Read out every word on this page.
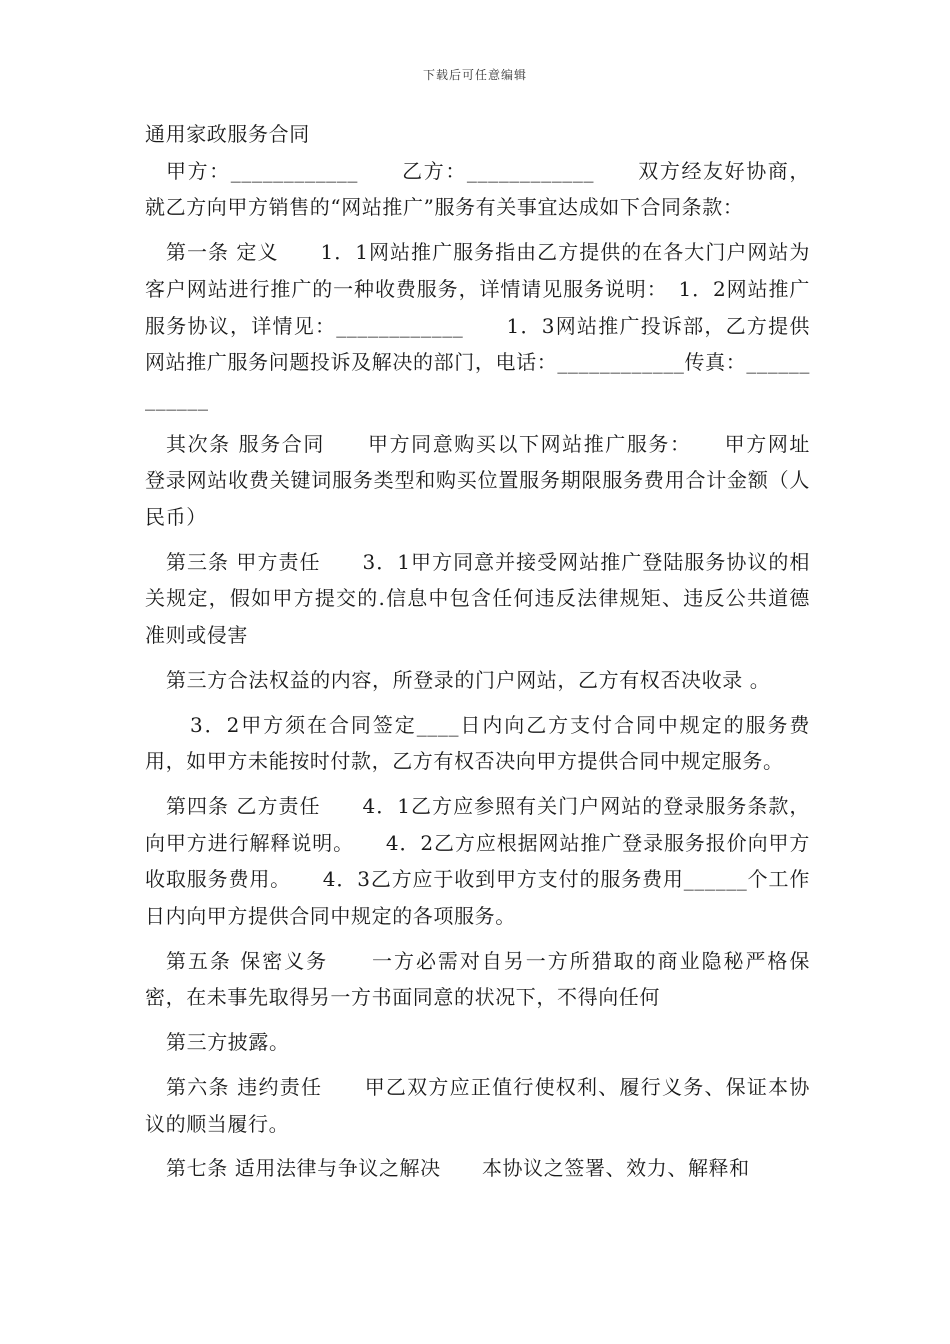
下载后可任意编辑

通用家政服务合同

甲方：____________　　乙方：____________　　双方经友好协商，就乙方向甲方销售的“网站推广”服务有关事宜达成如下合同条款：

第一条 定义　　1．1网站推广服务指由乙方提供的在各大门户网站为客户网站进行推广的一种收费服务，详情请见服务说明：　1．2网站推广服务协议，详情见：____________　　1．3网站推广投诉部，乙方提供网站推广服务问题投诉及解决的部门，电话：____________传真：____________

其次条 服务合同　　甲方同意购买以下网站推广服务：　　甲方网址　　登录网站收费关键词服务类型和购买位置服务期限服务费用合计金额（人民币）

第三条 甲方责任　　3．1甲方同意并接受网站推广登陆服务协议的相关规定，假如甲方提交的.信息中包含任何违反法律规矩、违反公共道德准则或侵害

第三方合法权益的内容，所登录的门户网站，乙方有权否决收录 。

3．2甲方须在合同签定____日内向乙方支付合同中规定的服务费用，如甲方未能按时付款，乙方有权否决向甲方提供合同中规定服务。

第四条 乙方责任　　4．1乙方应参照有关门户网站的登录服务条款，向甲方进行解释说明。　　4．2乙方应根据网站推广登录服务报价向甲方收取服务费用。　　4．3乙方应于收到甲方支付的服务费用______个工作日内向甲方提供合同中规定的各项服务。

第五条 保密义务　　一方必需对自另一方所猎取的商业隐秘严格保密，在未事先取得另一方书面同意的状况下，不得向任何

第三方披露。

第六条 违约责任　　甲乙双方应正值行使权利、履行义务、保证本协议的顺当履行。

第七条 适用法律与争议之解决　　本协议之签署、效力、解释和
